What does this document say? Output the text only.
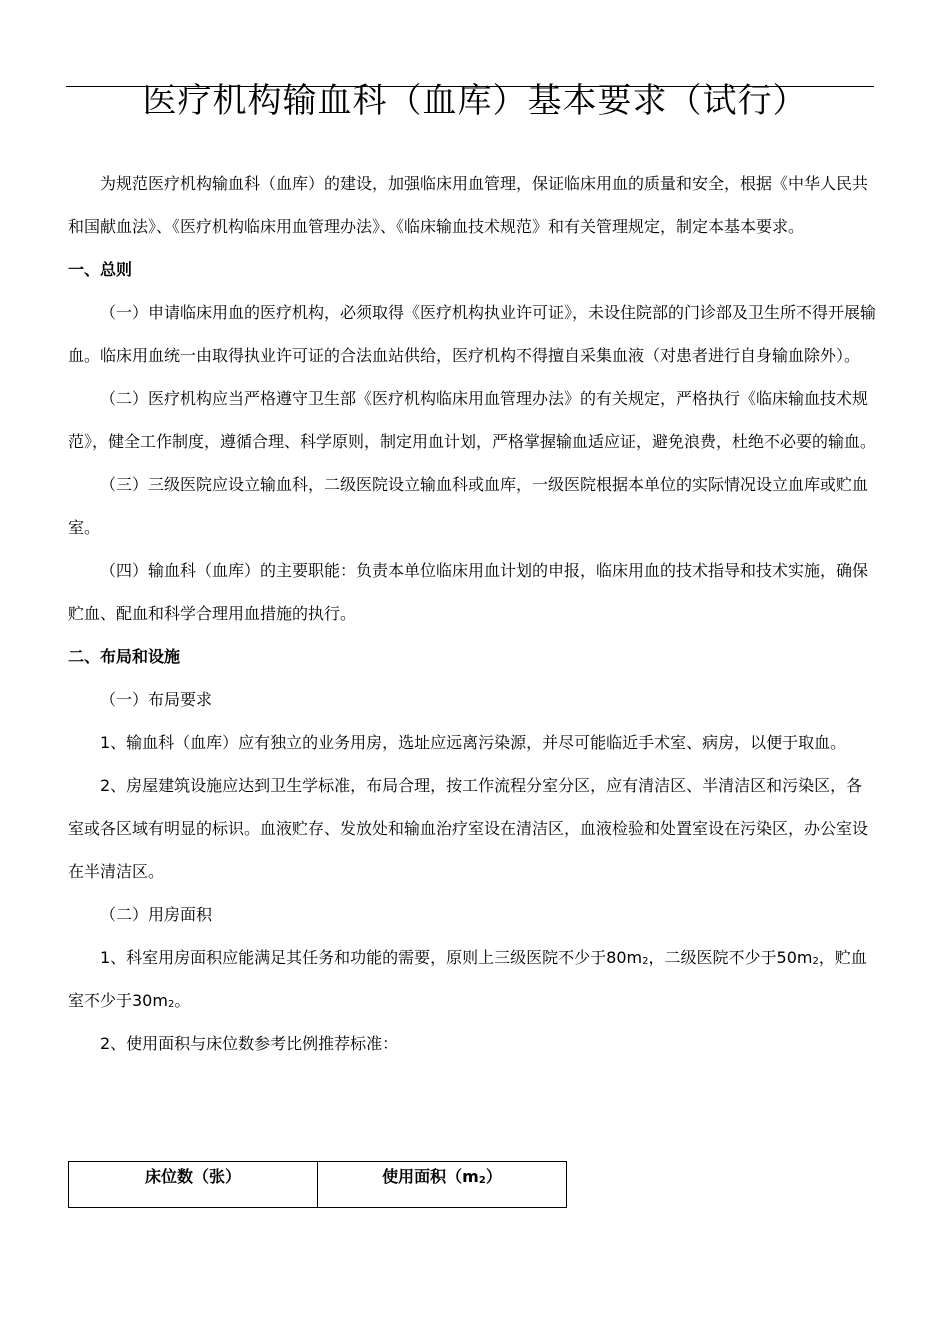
医疗机构输血科（血库）基本要求（试行）

为规范医疗机构输血科（血库）的建设，加强临床用血管理，保证临床用血的质量和安全，根据《中华人民共和国献血法》、《医疗机构临床用血管理办法》、《临床输血技术规范》和有关管理规定，制定本基本要求。

一、总则

（一）申请临床用血的医疗机构，必须取得《医疗机构执业许可证》，未设住院部的门诊部及卫生所不得开展输血。临床用血统一由取得执业许可证的合法血站供给，医疗机构不得擅自采集血液（对患者进行自身输血除外）。

（二）医疗机构应当严格遵守卫生部《医疗机构临床用血管理办法》的有关规定，严格执行《临床输血技术规范》，健全工作制度，遵循合理、科学原则，制定用血计划，严格掌握输血适应证，避免浪费，杜绝不必要的输血。

（三）三级医院应设立输血科，二级医院设立输血科或血库，一级医院根据本单位的实际情况设立血库或贮血室。

（四）输血科（血库）的主要职能：负责本单位临床用血计划的申报，临床用血的技术指导和技术实施，确保贮血、配血和科学合理用血措施的执行。

二、布局和设施

（一）布局要求

1、输血科（血库）应有独立的业务用房，选址应远离污染源，并尽可能临近手术室、病房，以便于取血。

2、房屋建筑设施应达到卫生学标准，布局合理，按工作流程分室分区，应有清洁区、半清洁区和污染区，各室或各区域有明显的标识。血液贮存、发放处和输血治疗室设在清洁区，血液检验和处置室设在污染区，办公室设在半清洁区。

（二）用房面积

1、科室用房面积应能满足其任务和功能的需要，原则上三级医院不少于$80m_2$，二级医院不少于$50m_2$，贮血室不少于$30m_2$。

2、使用面积与床位数参考比例推荐标准：

床位数（张）	使用面积$(m_2)$
